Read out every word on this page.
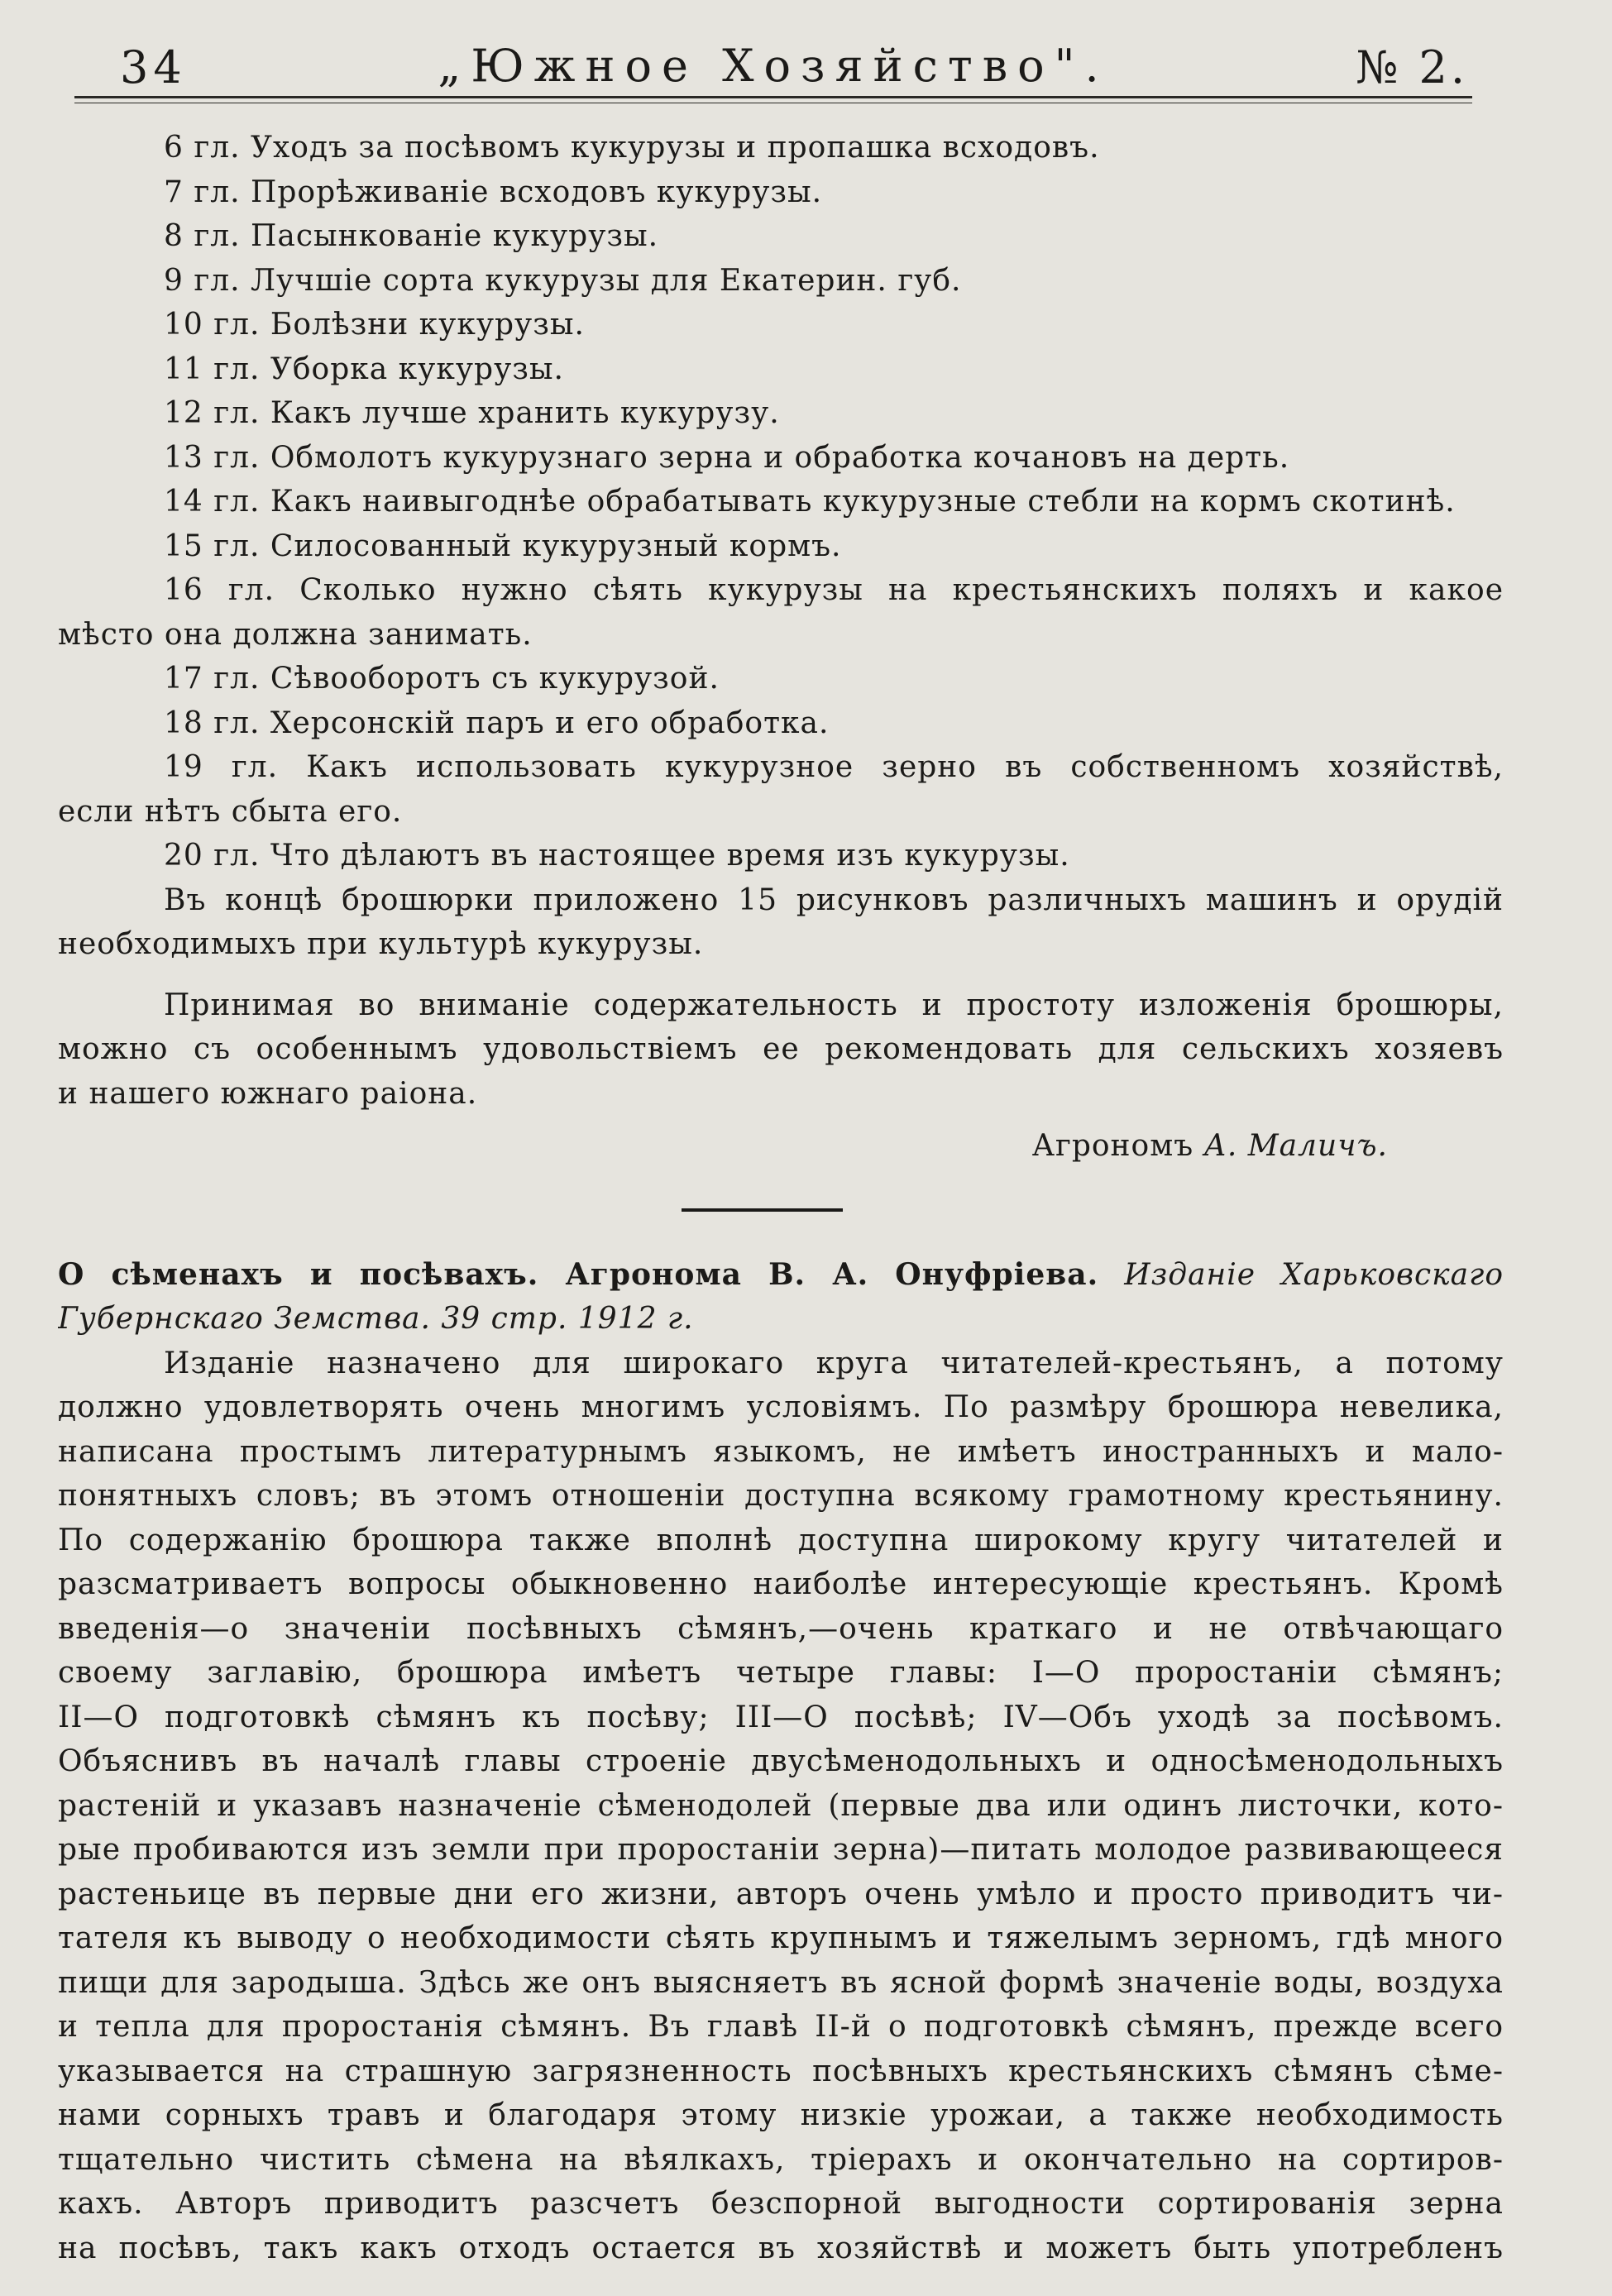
34	„Южное Хозяйство".	№ 2.
6 гл. Уходъ за посѣвомъ кукурузы и пропашка всходовъ.
7 гл. Прорѣживаніе всходовъ кукурузы.
8 гл. Пасынкованіе кукурузы.
9 гл. Лучшіе сорта кукурузы для Екатерин. губ.
10 гл. Болѣзни кукурузы.
11 гл. Уборка кукурузы.
12 гл. Какъ лучше хранить кукурузу.
13 гл. Обмолотъ кукурузнаго зерна и обработка кочановъ на дерть.
14 гл. Какъ наивыгоднѣе обрабатывать кукурузные стебли на кормъ скотинѣ.
15 гл. Силосованный кукурузный кормъ.
16 гл. Сколько нужно сѣять кукурузы на крестьянскихъ поляхъ и какое
мѣсто она должна занимать.
17 гл. Сѣвооборотъ съ кукурузой.
18 гл. Херсонскій паръ и его обработка.
19 гл. Какъ использовать кукурузное зерно въ собственномъ хозяйствѣ,
если нѣтъ сбыта его.
20 гл. Что дѣлаютъ въ настоящее время изъ кукурузы.
Въ концѣ брошюрки приложено 15 рисунковъ различныхъ машинъ и орудій
необходимыхъ при культурѣ кукурузы.
Принимая во вниманіе содержательность и простоту изложенія брошюры,
можно съ особеннымъ удовольствіемъ ее рекомендовать для сельскихъ хозяевъ
и нашего южнаго раіона.
Агрономъ А. Маличъ.
О сѣменахъ и посѣвахъ. Агронома В. А. Онуфріева. Изданіе Харьковскаго
Губернскаго Земства. 39 стр. 1912 г.
Изданіе назначено для широкаго круга читателей-крестьянъ, а потому
должно удовлетворять очень многимъ условіямъ. По размѣру брошюра невелика,
написана простымъ литературнымъ языкомъ, не имѣетъ иностранныхъ и мало-
понятныхъ словъ; въ этомъ отношеніи доступна всякому грамотному крестьянину.
По содержанію брошюра также вполнѣ доступна широкому кругу читателей и
разсматриваетъ вопросы обыкновенно наиболѣе интересующіе крестьянъ. Кромѣ
введенія—о значеніи посѣвныхъ сѣмянъ,—очень краткаго и не отвѣчающаго
своему заглавію, брошюра имѣетъ четыре главы: I—О проростаніи сѣмянъ;
II—О подготовкѣ сѣмянъ къ посѣву; III—О посѣвѣ; IV—Объ уходѣ за посѣвомъ.
Объяснивъ въ началѣ главы строеніе двусѣменодольныхъ и односѣменодольныхъ
растеній и указавъ назначеніе сѣменодолей (первые два или одинъ листочки, кото-
рые пробиваются изъ земли при проростаніи зерна)—питать молодое развивающееся
растеньице въ первые дни его жизни, авторъ очень умѣло и просто приводитъ чи-
тателя къ выводу о необходимости сѣять крупнымъ и тяжелымъ зерномъ, гдѣ много
пищи для зародыша. Здѣсь же онъ выясняетъ въ ясной формѣ значеніе воды, воздуха
и тепла для проростанія сѣмянъ. Въ главѣ II-й о подготовкѣ сѣмянъ, прежде всего
указывается на страшную загрязненность посѣвныхъ крестьянскихъ сѣмянъ сѣме-
нами сорныхъ травъ и благодаря этому низкіе урожаи, а также необходимость
тщательно чистить сѣмена на вѣялкахъ, тріерахъ и окончательно на сортиров-
кахъ. Авторъ приводитъ разсчетъ безспорной выгодности сортированія зерна
на посѣвъ, такъ какъ отходъ остается въ хозяйствѣ и можетъ быть употребленъ
